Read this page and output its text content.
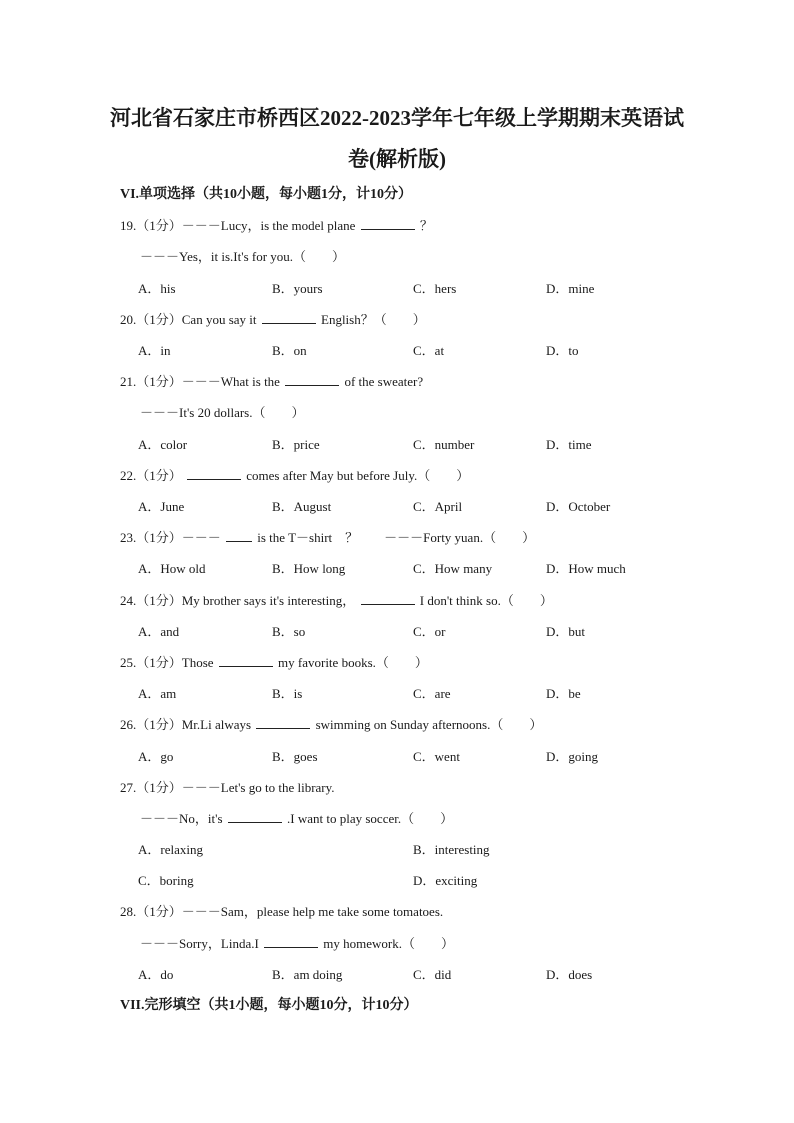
河北省石家庄市桥西区2022-2023学年七年级上学期期末英语试
卷(解析版)
VI.单项选择（共10小题，每小题1分，计10分）
19.（1分）－－－Lucy，is the model plane	？
－－－Yes，it is.It's for you.（　　）
A．his	B．yours	C．hers	D．mine
20.（1分）Can you say it	English？（　　）
A．in	B．on	C．at	D．to
21.（1分）－－－What is the	of the sweater?
－－－It's 20 dollars.（　　）
A．color	B．price	C．number	D．time
22.（1分）	comes after May but before July.（　　）
A．June	B．August	C．April	D．October
23.（1分）－－－	is the T－shirt　？　　－－－Forty yuan.（　　）
A．How old	B．How long	C．How many	D．How much
24.（1分）My brother says it's interesting，	I don't think so.（　　）
A．and	B．so	C．or	D．but
25.（1分）Those	my favorite books.（　　）
A．am	B．is	C．are	D．be
26.（1分）Mr.Li always	swimming on Sunday afternoons.（　　）
A．go	B．goes	C．went	D．going
27.（1分）－－－Let's go to the library.
－－－No，it's	.I want to play soccer.（　　）
A．relaxing	B．interesting
C．boring	D．exciting
28.（1分）－－－Sam，please help me take some tomatoes.
－－－Sorry，Linda.I	my homework.（　　）
A．do	B．am doing	C．did	D．does
VII.完形填空（共1小题，每小题10分，计10分）
